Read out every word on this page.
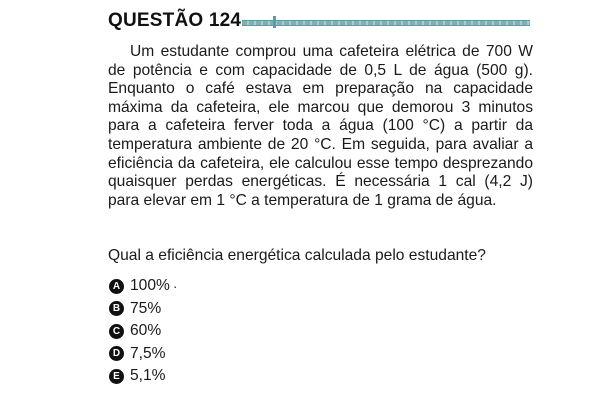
QUESTÃO 124
Um estudante comprou uma cafeteira elétrica de 700 W
de potência e com capacidade de 0,5 L de água (500 g).
Enquanto o café estava em preparação na capacidade
máxima da cafeteira, ele marcou que demorou 3 minutos
para a cafeteira ferver toda a água (100 °C) a partir da
temperatura ambiente de 20 °C. Em seguida, para avaliar a
eficiência da cafeteira, ele calculou esse tempo desprezando
quaisquer perdas energéticas. É necessária 1 cal (4,2 J)
para elevar em 1 °C a temperatura de 1 grama de água.
Qual a eficiência energética calculada pelo estudante?
A 100% ·
B 75%
C 60%
D 7,5%
E 5,1%
